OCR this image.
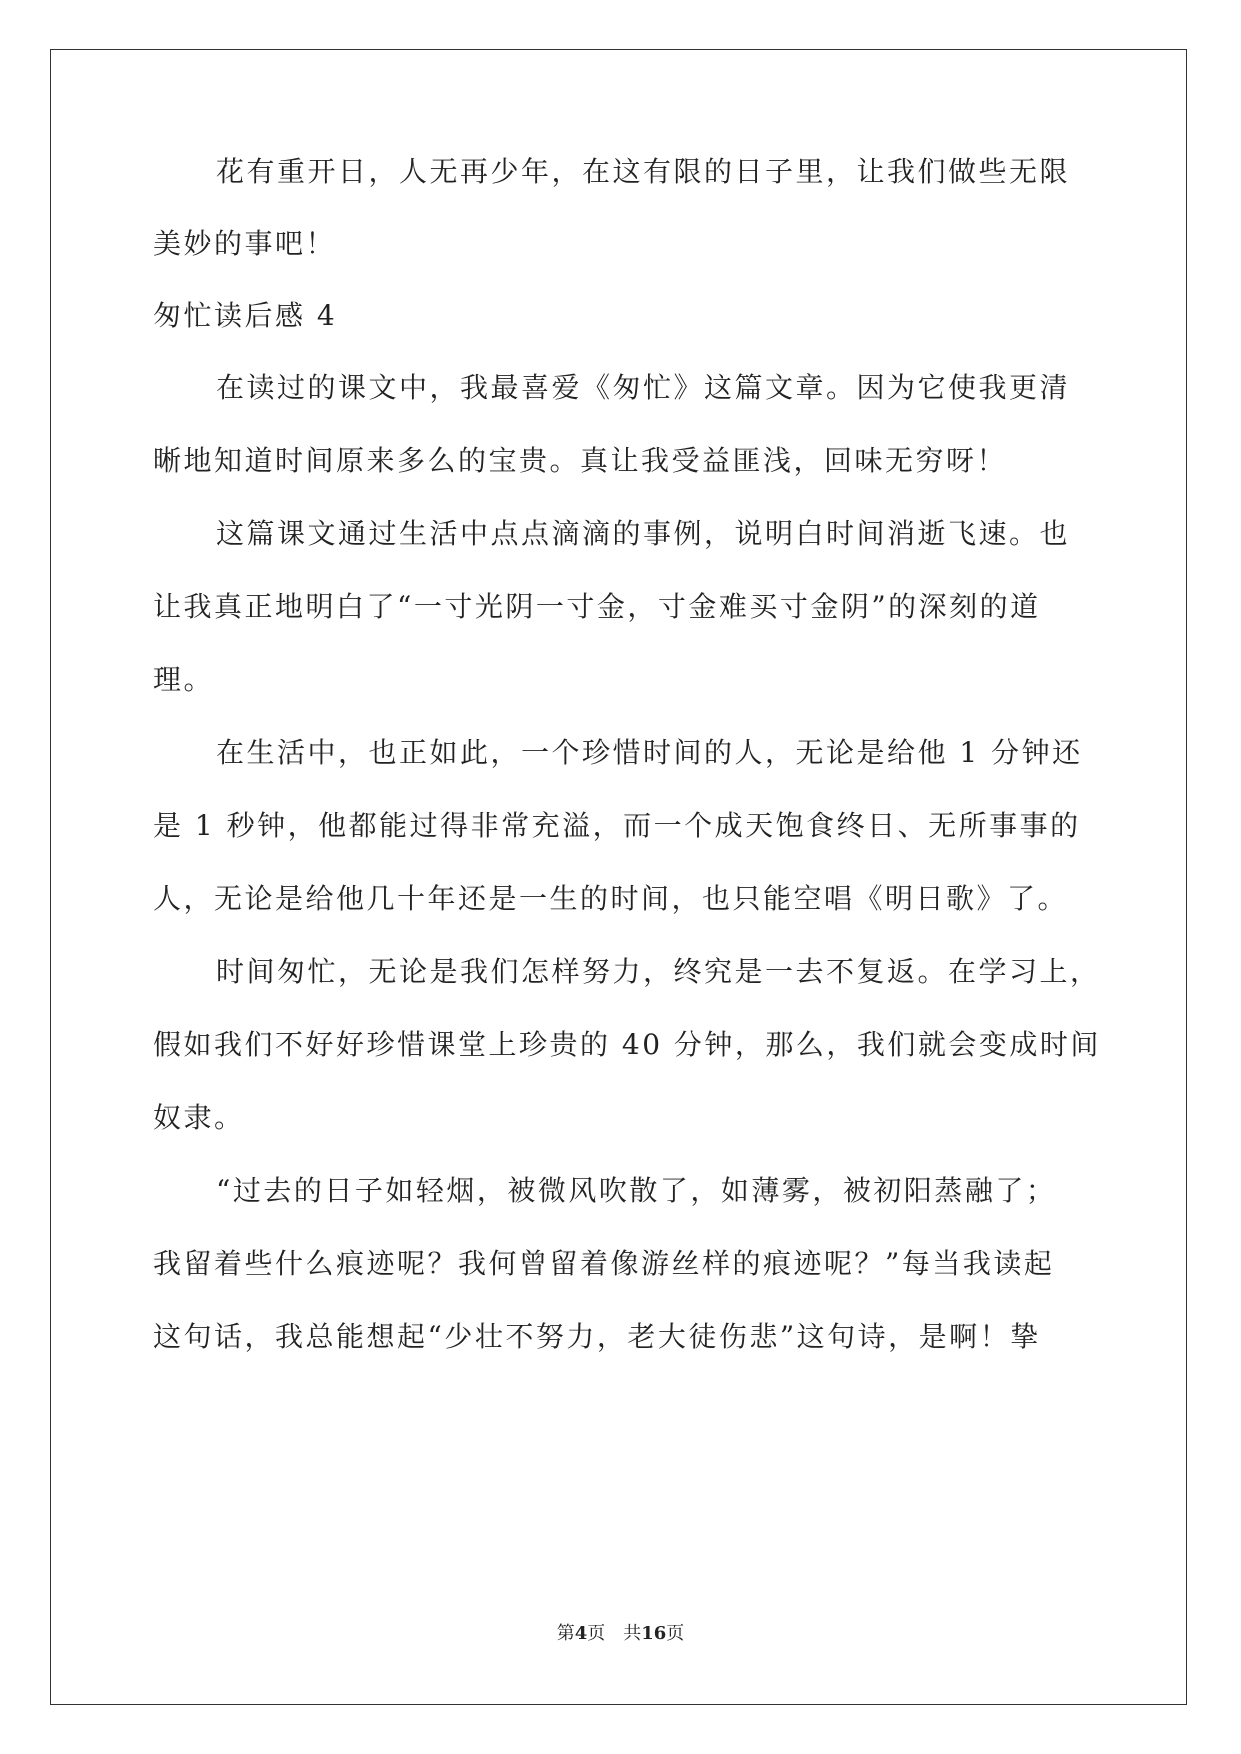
花有重开日，人无再少年，在这有限的日子里，让我们做些无限
美妙的事吧！
匆忙读后感 4
在读过的课文中，我最喜爱《匆忙》这篇文章。因为它使我更清
晰地知道时间原来多么的宝贵。真让我受益匪浅，回味无穷呀！
这篇课文通过生活中点点滴滴的事例，说明白时间消逝飞速。也
让我真正地明白了“一寸光阴一寸金，寸金难买寸金阴”的深刻的道
理。
在生活中，也正如此，一个珍惜时间的人，无论是给他 1 分钟还
是 1 秒钟，他都能过得非常充溢，而一个成天饱食终日、无所事事的
人，无论是给他几十年还是一生的时间，也只能空唱《明日歌》了。
时间匆忙，无论是我们怎样努力，终究是一去不复返。在学习上，
假如我们不好好珍惜课堂上珍贵的 40 分钟，那么，我们就会变成时间
奴隶。
“过去的日子如轻烟，被微风吹散了，如薄雾，被初阳蒸融了；
我留着些什么痕迹呢？我何曾留着像游丝样的痕迹呢？”每当我读起
这句话，我总能想起“少壮不努力，老大徒伤悲”这句诗，是啊！挚
第4页 共16页
